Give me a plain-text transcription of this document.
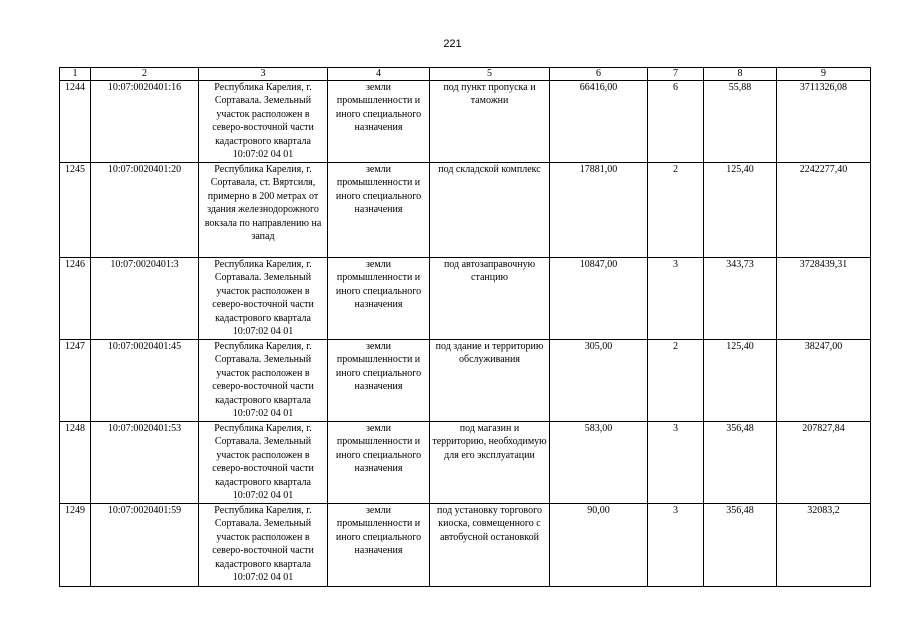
221
1	2	3	4	5	6	7	8	9
1244	10:07:0020401:16	Республика Карелия, г. Сортавала. Земельный участок расположен в северо-восточной части кадастрового квартала 10:07:02 04 01	земли промышленности и иного специального назначения	под пункт пропуска и таможни	66416,00	6	55,88	3711326,08
1245	10:07:0020401:20	Республика Карелия, г. Сортавала, ст. Вяртсиля, примерно в 200 метрах от здания железнодорожного вокзала по направлению на запад	земли промышленности и иного специального назначения	под складской комплекс	17881,00	2	125,40	2242277,40
1246	10:07:0020401:3	Республика Карелия, г. Сортавала. Земельный участок расположен в северо-восточной части кадастрового квартала 10:07:02 04 01	земли промышленности и иного специального назначения	под автозаправочную станцию	10847,00	3	343,73	3728439,31
1247	10:07:0020401:45	Республика Карелия, г. Сортавала. Земельный участок расположен в северо-восточной части кадастрового квартала 10:07:02 04 01	земли промышленности и иного специального назначения	под здание и территорию обслуживания	305,00	2	125,40	38247,00
1248	10:07:0020401:53	Республика Карелия, г. Сортавала. Земельный участок расположен в северо-восточной части кадастрового квартала 10:07:02 04 01	земли промышленности и иного специального назначения	под магазин и территорию, необходимую для его эксплуатации	583,00	3	356,48	207827,84
1249	10:07:0020401:59	Республика Карелия, г. Сортавала. Земельный участок расположен в северо-восточной части кадастрового квартала 10:07:02 04 01	земли промышленности и иного специального назначения	под установку торгового киоска, совмещенного с автобусной остановкой	90,00	3	356,48	32083,2
